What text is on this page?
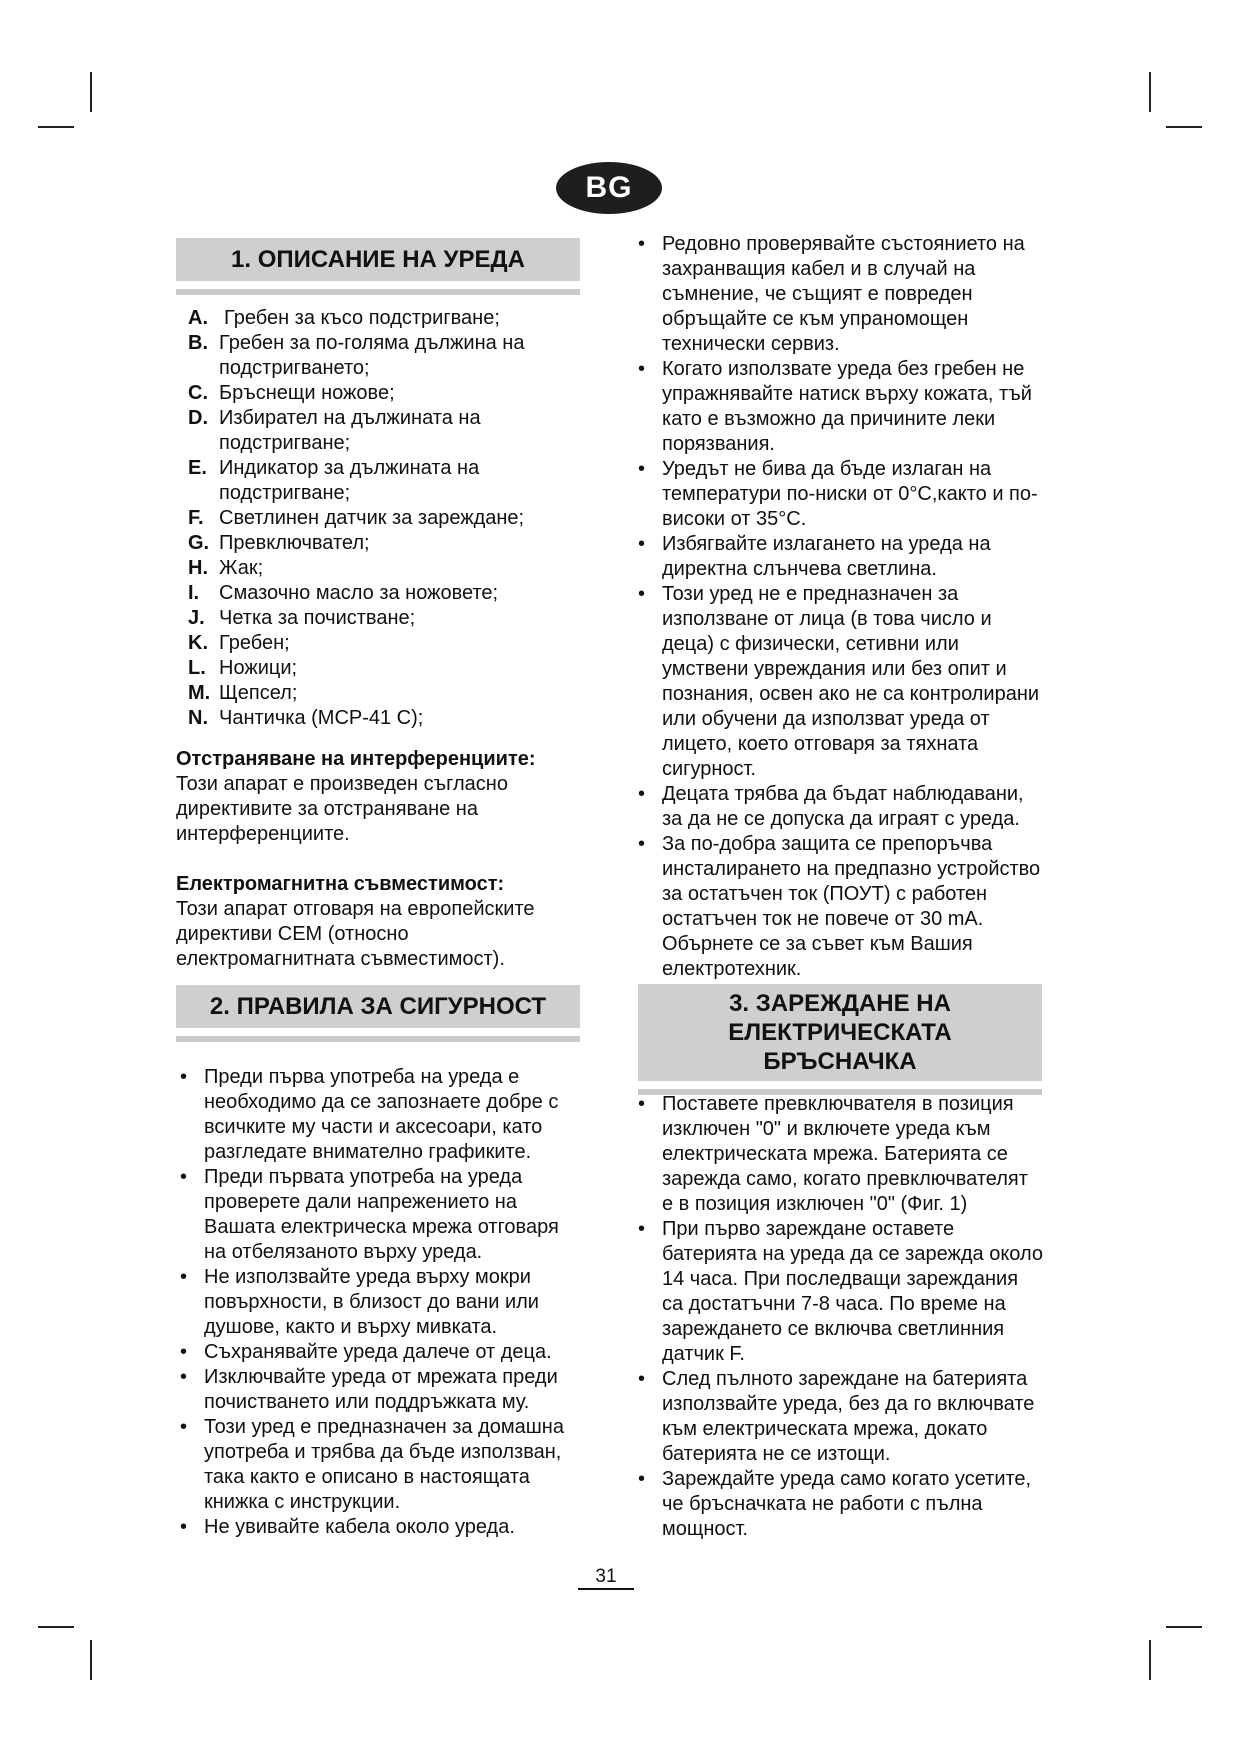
BG
1. ОПИСАНИЕ НА УРЕДА
A. Гребен за късо подстригване;
B. Гребен за по-голяма дължина на подстригването;
C. Бръснещи ножове;
D. Избирател на дължината на подстригване;
E. Индикатор за дължината на подстригване;
F. Светлинен датчик за зареждане;
G. Превключвател;
H. Жак;
I. Смазочно масло за ножовете;
J. Четка за почистване;
K. Гребен;
L. Ножици;
M. Щепсел;
N. Чантичка (MCP-41 C);

Отстраняване на интерференциите: Този апарат е произведен съгласно директивите за отстраняване на интерференциите.

Електромагнитна съвместимост:

Този апарат отговаря на европейските директиви CEM (относно електромагнитната съвместимост).

2. ПРАВИЛА ЗА СИГУРНОСТ
• Преди първа употреба на уреда е необходимо да се запознаете добре с всичките му части и аксесоари, като разгледате внимателно графиките.
• Преди първата употреба на уреда проверете дали напрежението на Вашата електрическа мрежа отговаря на отбелязаното върху уреда.
• Не използвайте уреда върху мокри повърхности, в близост до вани или душове, както и върху мивката.
• Съхранявайте уреда далече от деца.
• Изключвайте уреда от мрежата преди почистването или поддръжката му.
• Този уред е предназначен за домашна употреба и трябва да бъде използван, така както е описано в настоящата книжка с инструкции.
• Не увивайте кабела около уреда.
• Редовно проверявайте състоянието на захранващия кабел и в случай на съмнение, че същият е повреден обръщайте се към упраномощен технически сервиз.
• Когато използвате уреда без гребен не упражнявайте натиск върху кожата, тъй като е възможно да причините леки порязвания.
• Уредът не бива да бъде излаган на температури по-ниски от 0°C,както и по-високи от 35°C.
• Избягвайте излагането на уреда на директна слънчева светлина.
• Този уред не е предназначен за използване от лица (в това число и деца) с физически, сетивни или умствени увреждания или без опит и познания, освен ако не са контролирани или обучени да използват уреда от лицето, което отговаря за тяхната сигурност.
• Децата трябва да бъдат наблюдавани, за да не се допуска да играят с уреда.
• За по-добра защита се препоръчва инсталирането на предпазно устройство за остатъчен ток (ПОУТ) с работен остатъчен ток не повече от 30 mA. Обърнете се за съвет към Вашия електротехник.
3. ЗАРЕЖДАНЕ НА ЕЛЕКТРИЧЕСКАТА
БРЪСНАЧКА
• Поставете превключвателя в позиция изключен "0" и включете уреда към електрическата мрежа. Батерията се зарежда само, когато превключвателят е в позиция изключен "0" (Фиг. 1)
• При първо зареждане оставете батерията на уреда да се зарежда около 14 часа. При последващи зареждания са достатъчни 7-8 часа. По време на зареждането се включва светлинния датчик F.
• След пълното зареждане на батерията използвайте уреда, без да го включвате към електрическата мрежа, докато батерията не се изтощи.
• Зареждайте уреда само когато усетите, че бръсначката не работи с пълна мощност.
31
